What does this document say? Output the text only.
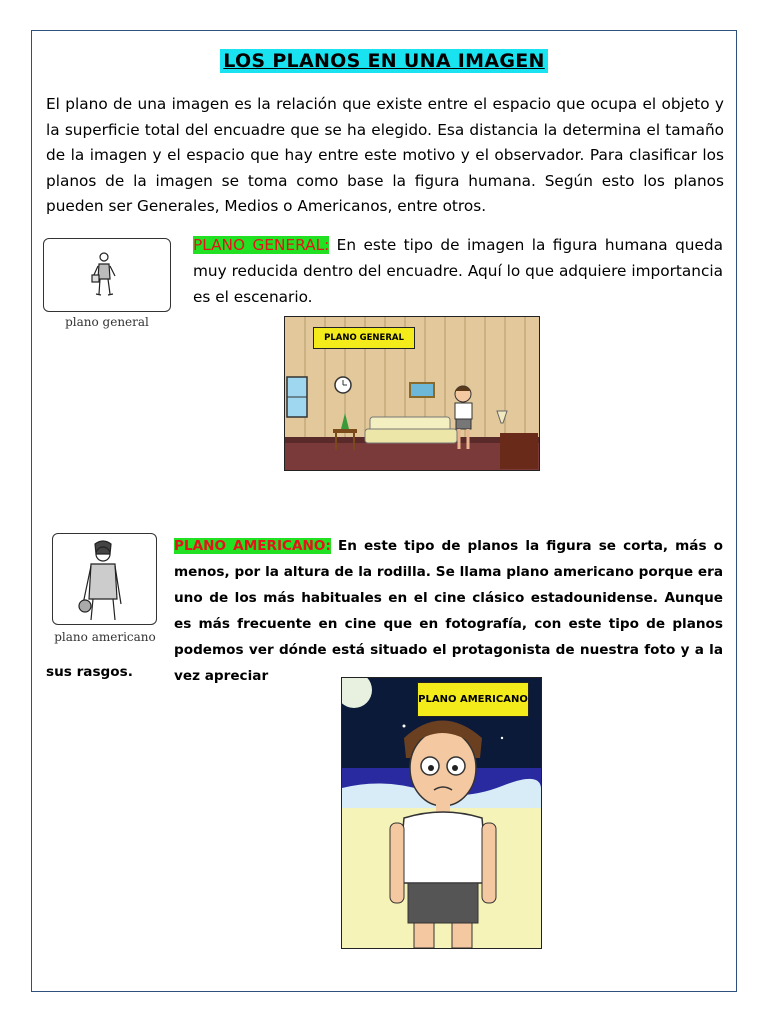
LOS PLANOS EN UNA IMAGEN

El plano de una imagen es la relación que existe entre el espacio que ocupa el objeto y la superficie total del encuadre que se ha elegido. Esa distancia la determina el tamaño de la imagen y el espacio que hay entre este motivo y el observador. Para clasificar los planos de la imagen se toma como base la figura humana. Según esto los planos pueden ser Generales, Medios o Americanos, entre otros.

plano general

PLANO GENERAL: En este tipo de imagen la figura humana queda muy reducida dentro del encuadre. Aquí lo que adquiere importancia es el escenario.

PLANO GENERAL
plano americano

PLANO AMERICANO: En este tipo de planos la figura se corta, más o menos, por la altura de la rodilla. Se llama plano americano porque era uno de los más habituales en el cine clásico estadounidense. Aunque es más frecuente en cine que en fotografía, con este tipo de planos podemos ver dónde está situado el protagonista de nuestra foto y a la vez apreciar

sus rasgos.

PLANO AMERICANO
